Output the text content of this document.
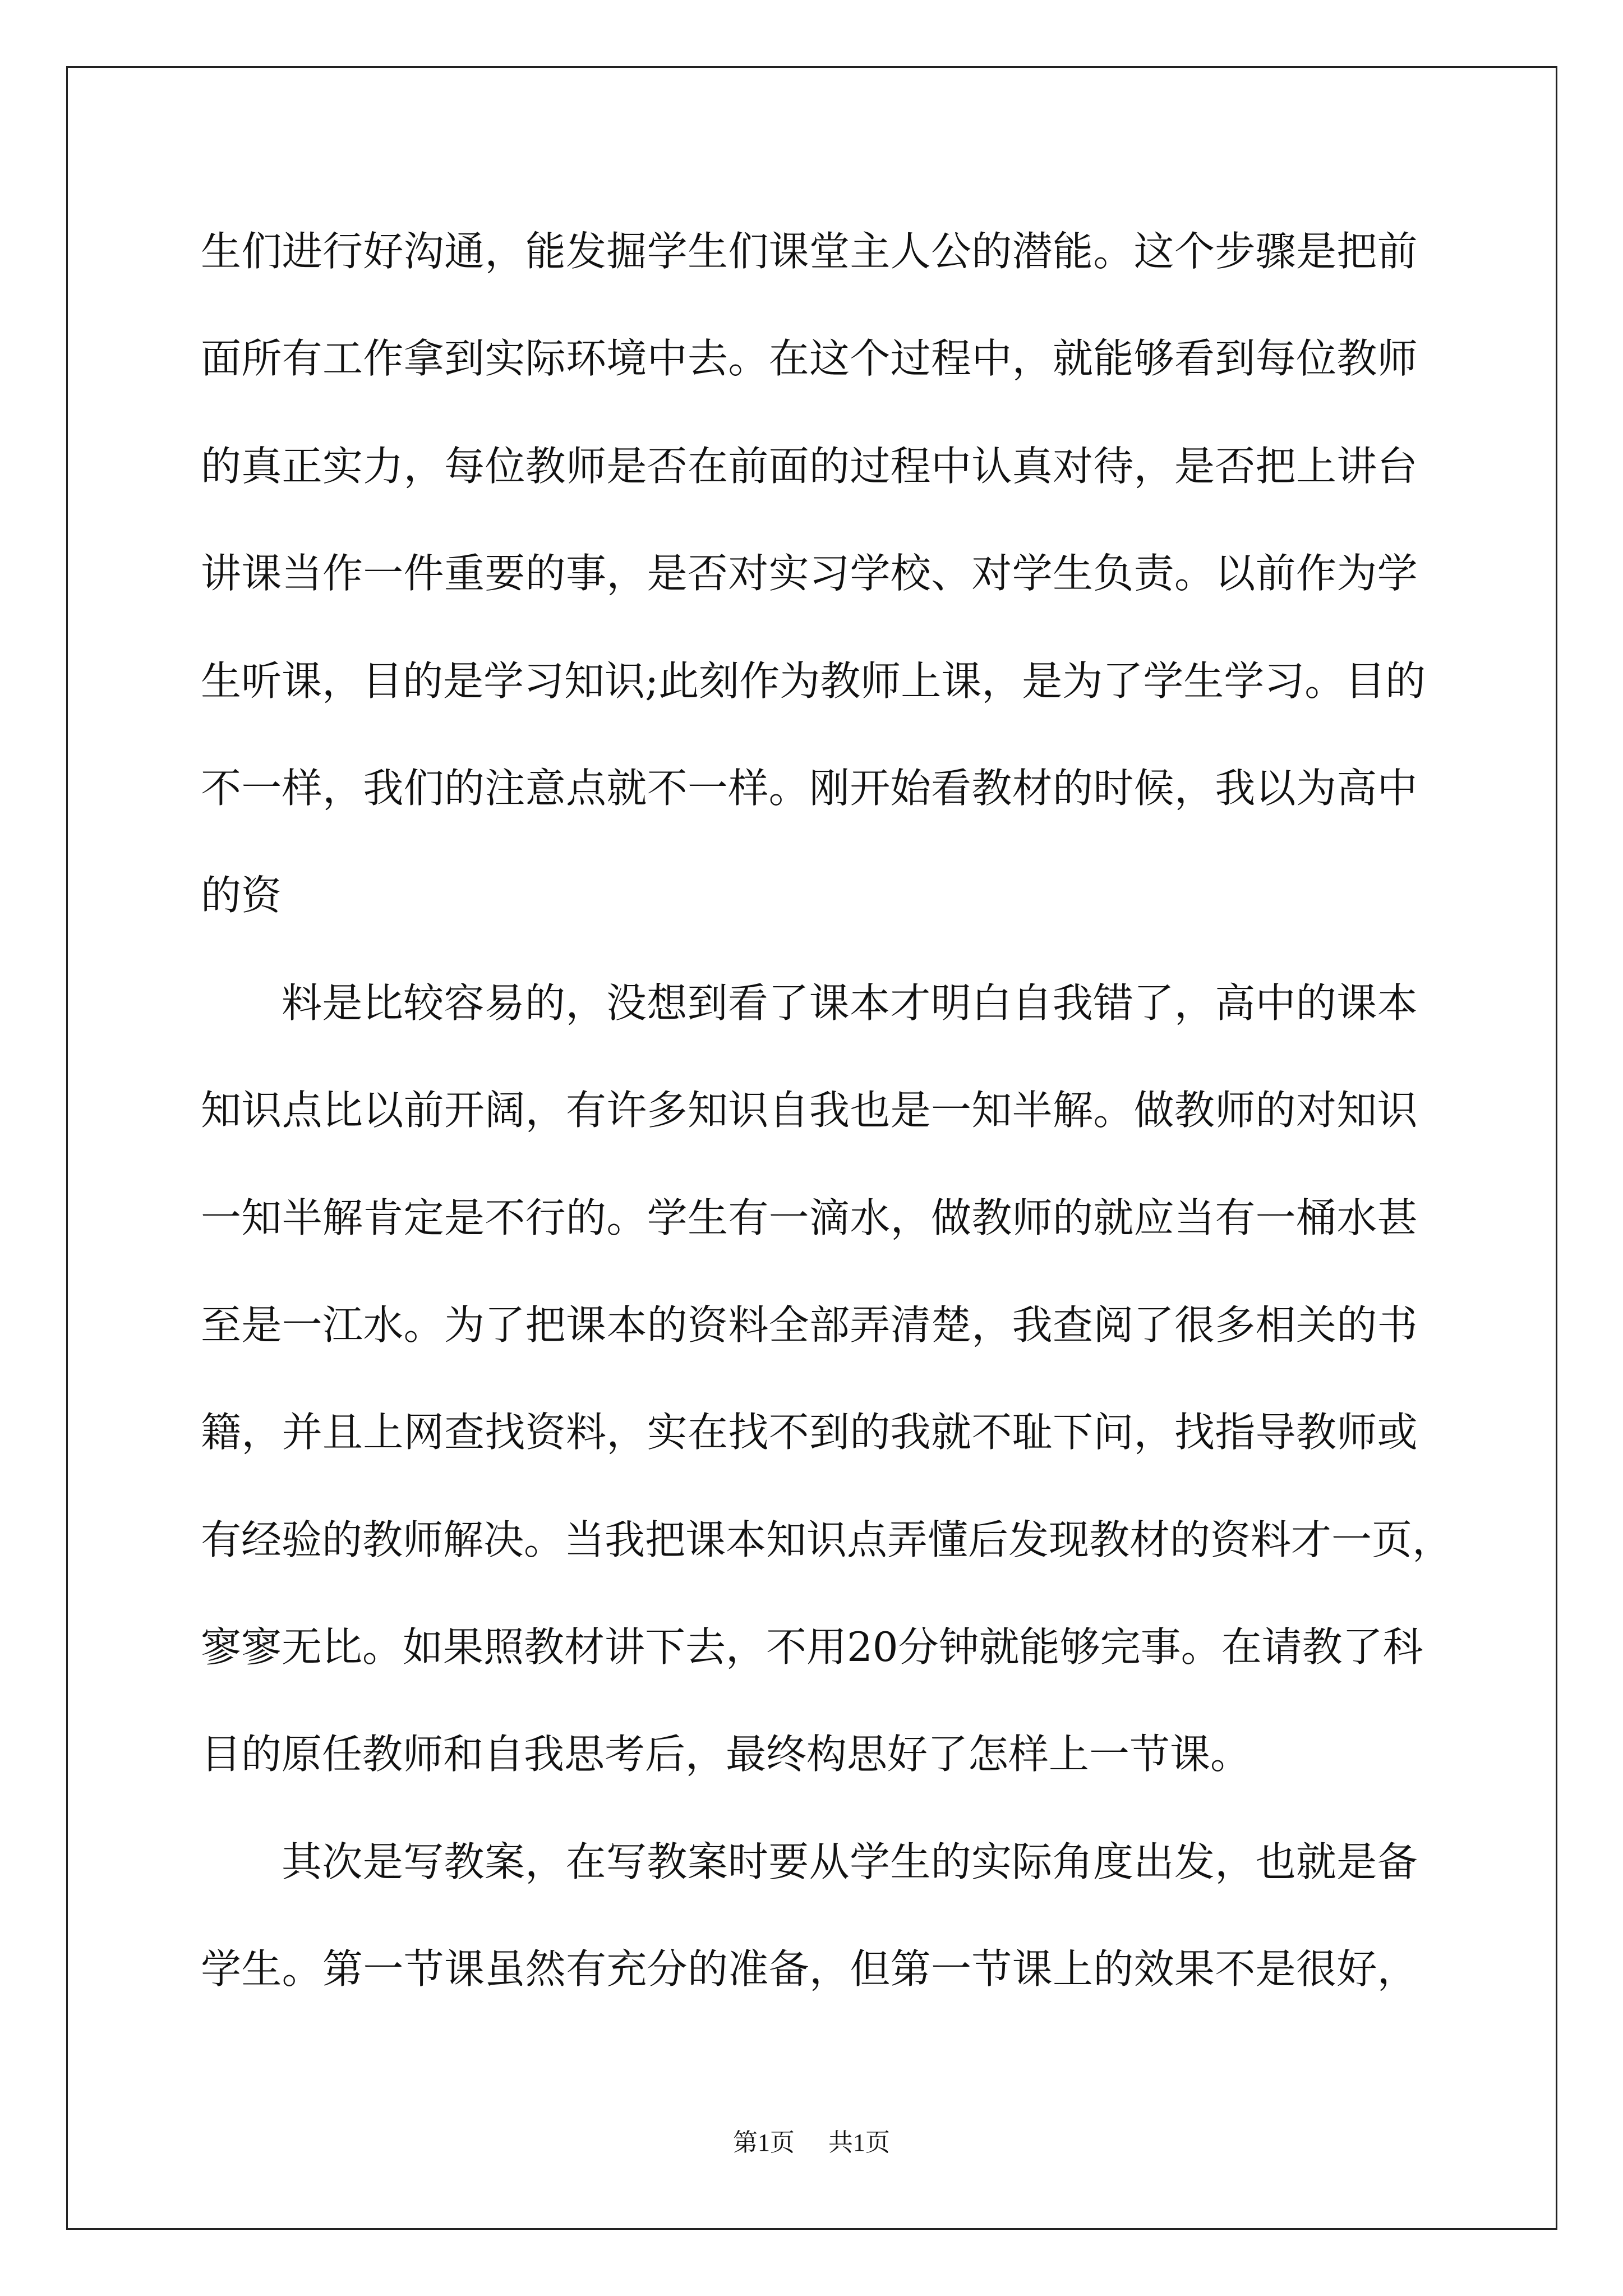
生们进行好沟通，能发掘学生们课堂主人公的潜能。这个步骤是把前
面所有工作拿到实际环境中去。在这个过程中，就能够看到每位教师
的真正实力，每位教师是否在前面的过程中认真对待，是否把上讲台
讲课当作一件重要的事，是否对实习学校、对学生负责。以前作为学
生听课，目的是学习知识;此刻作为教师上课，是为了学生学习。目的
不一样，我们的注意点就不一样。刚开始看教材的时候，我以为高中
的资
料是比较容易的，没想到看了课本才明白自我错了，高中的课本
知识点比以前开阔，有许多知识自我也是一知半解。做教师的对知识
一知半解肯定是不行的。学生有一滴水，做教师的就应当有一桶水甚
至是一江水。为了把课本的资料全部弄清楚，我查阅了很多相关的书
籍，并且上网查找资料，实在找不到的我就不耻下问，找指导教师或
有经验的教师解决。当我把课本知识点弄懂后发现教材的资料才一页，
寥寥无比。如果照教材讲下去，不用20分钟就能够完事。在请教了科
目的原任教师和自我思考后，最终构思好了怎样上一节课。
其次是写教案，在写教案时要从学生的实际角度出发，也就是备
学生。第一节课虽然有充分的准备，但第一节课上的效果不是很好，
第1页 共1页
